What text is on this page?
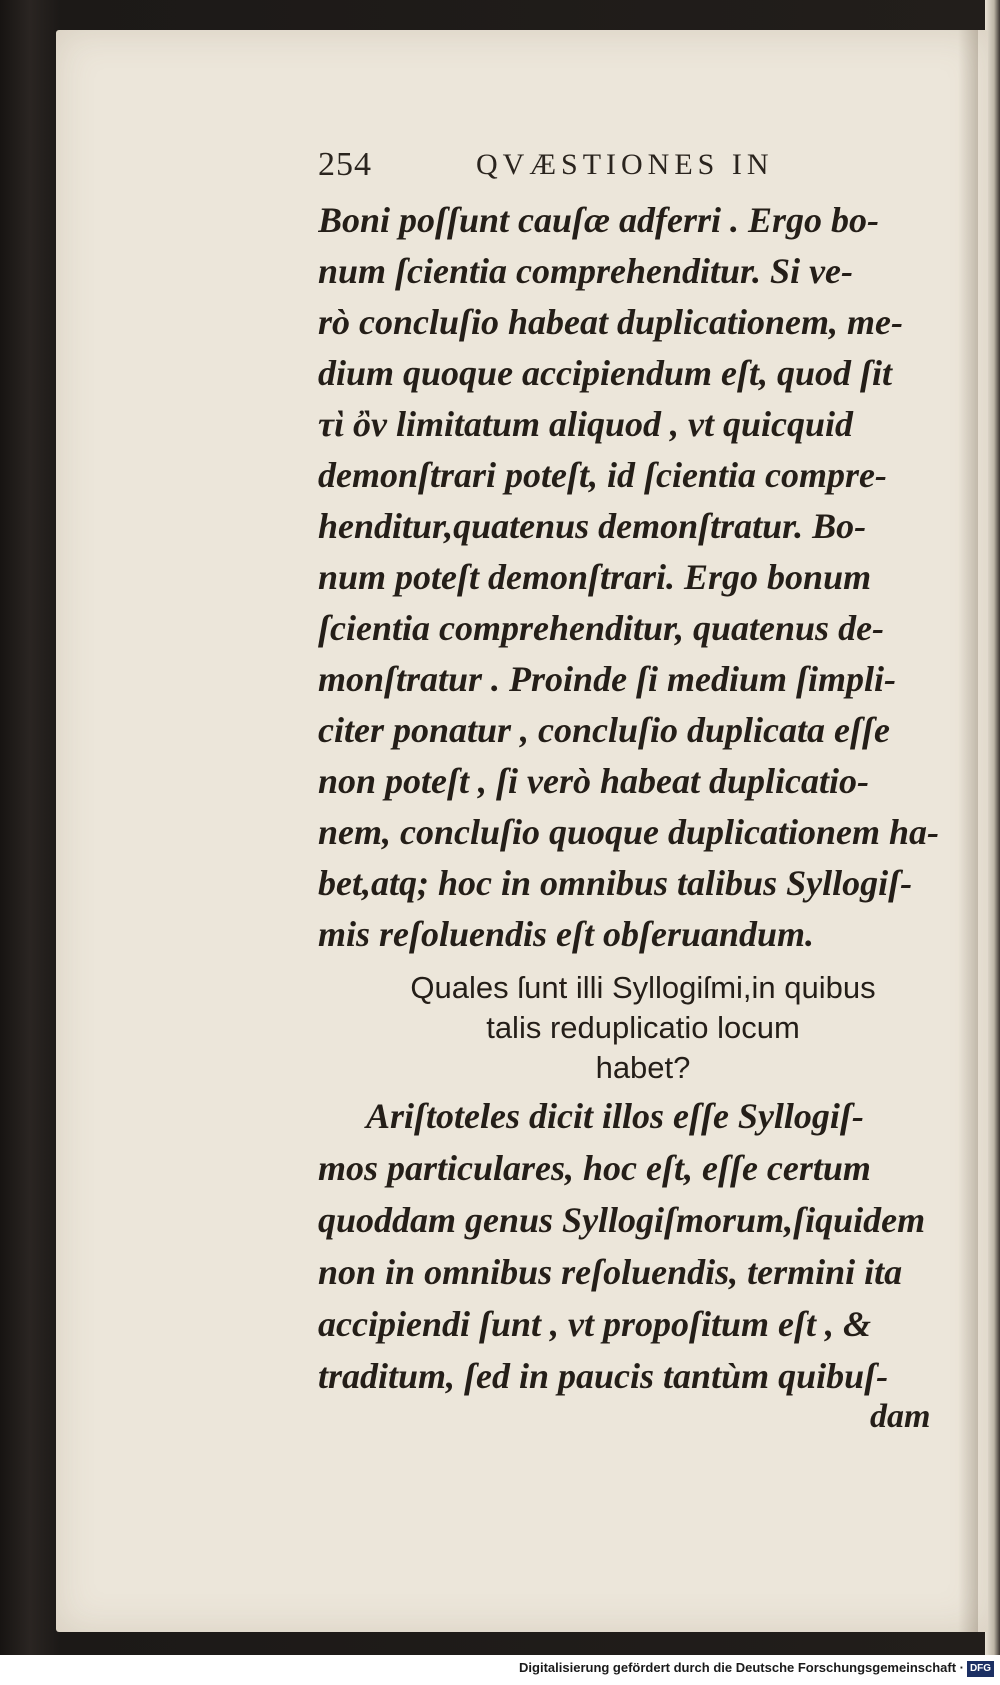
254	QVÆSTIONES IN
Boni poſſunt cauſæ adferri . Ergo bo-
num ſcientia comprehenditur. Si ve-
rò concluſio habeat duplicationem, me-
dium quoque accipiendum eſt, quod ſit
τὶ ὂν limitatum aliquod , vt quicquid
demonſtrari poteſt, id ſcientia compre-
henditur,quatenus demonſtratur. Bo-
num poteſt demonſtrari. Ergo bonum
ſcientia comprehenditur, quatenus de-
monſtratur . Proinde ſi medium ſimpli-
citer ponatur , concluſio duplicata eſſe
non poteſt , ſi verò habeat duplicatio-
nem, concluſio quoque duplicationem ha-
bet,atq; hoc in omnibus talibus Syllogiſ-
mis reſoluendis eſt obſeruandum.
Quales ſunt illi Syllogiſmi,in quibus
talis reduplicatio locum
habet?
Ariſtoteles dicit illos eſſe Syllogiſ-
mos particulares, hoc eſt, eſſe certum
quoddam genus Syllogiſmorum,ſiquidem
non in omnibus reſoluendis, termini ita
accipiendi ſunt , vt propoſitum eſt , &
traditum, ſed in paucis tantùm quibuſ-
dam
Digitalisierung gefördert durch die Deutsche Forschungsgemeinschaft · DFG
